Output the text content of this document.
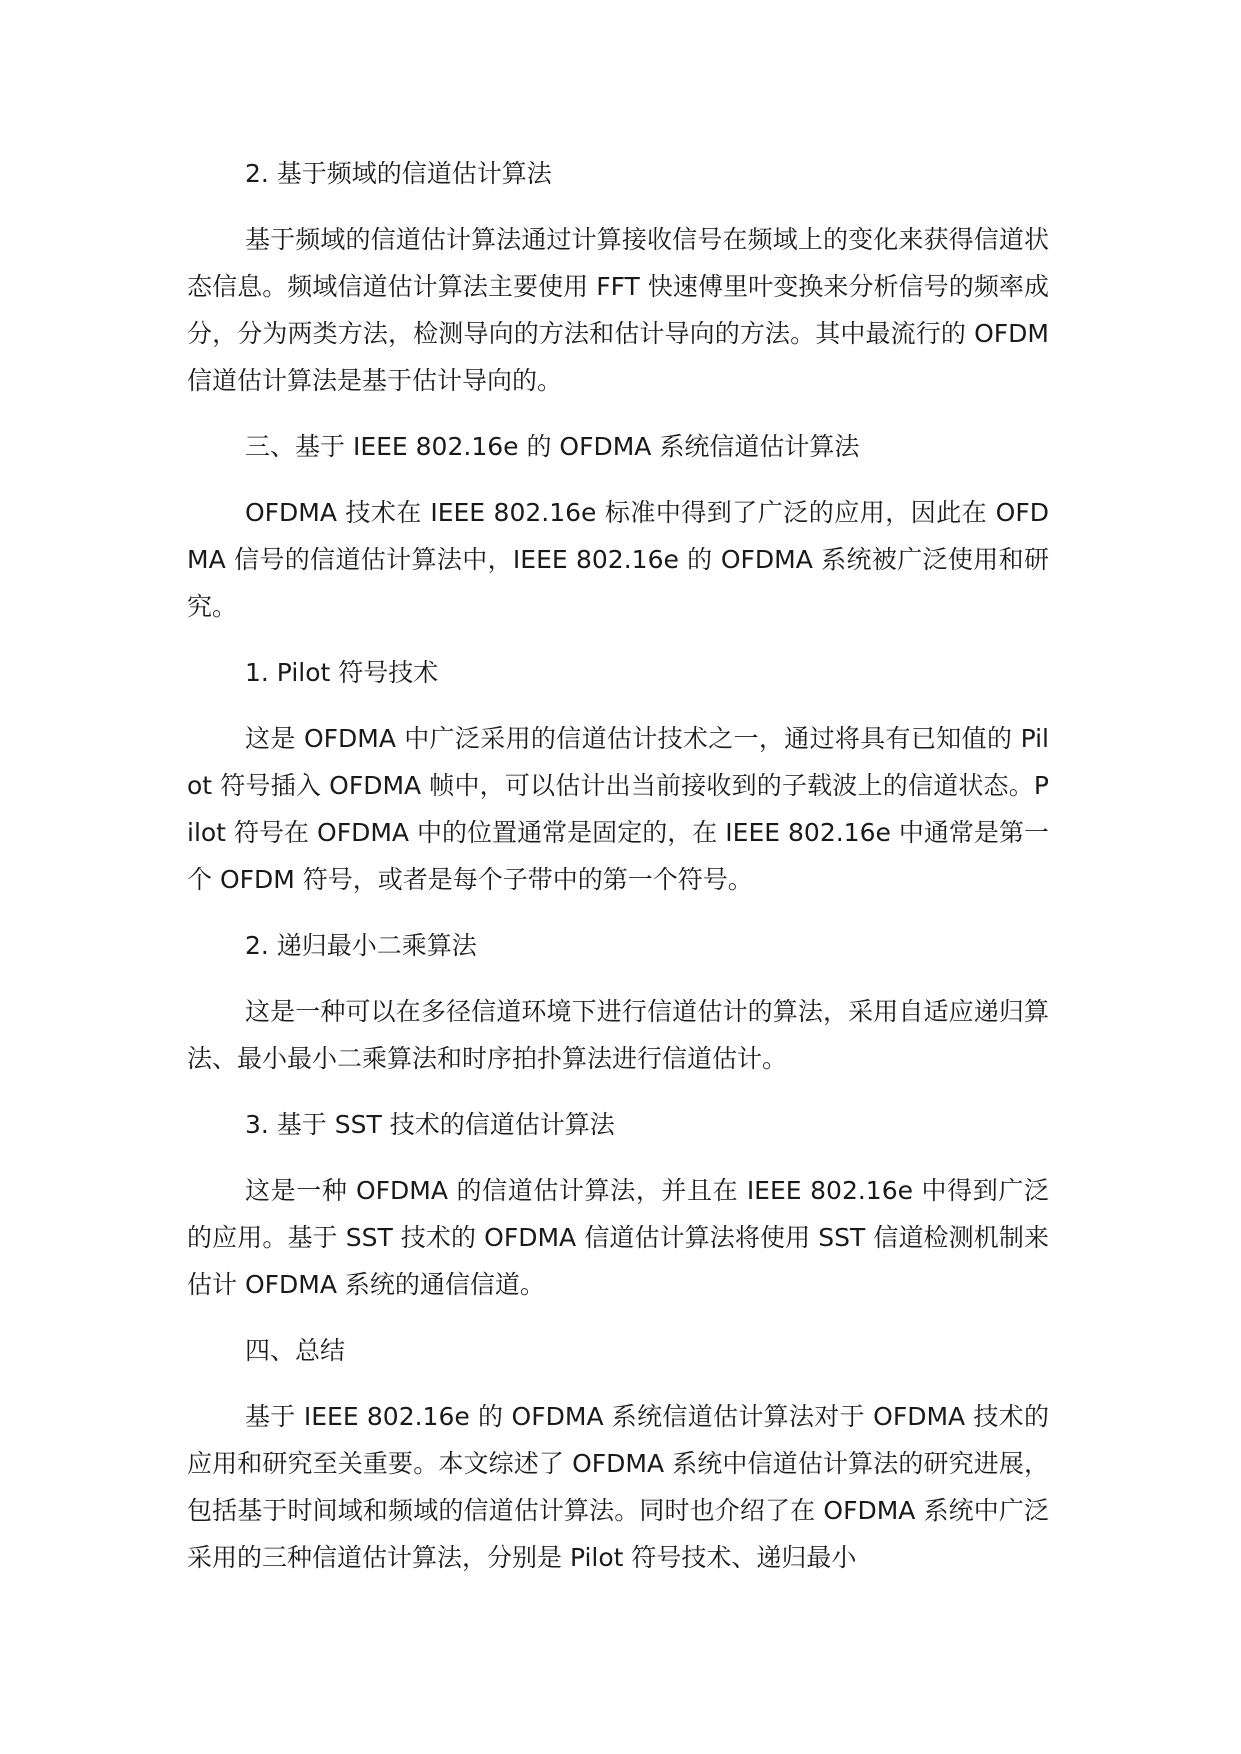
2. 基于频域的信道估计算法

基于频域的信道估计算法通过计算接收信号在频域上的变化来获得信道状态信息。频域信道估计算法主要使用 FFT 快速傅里叶变换来分析信号的频率成分，分为两类方法，检测导向的方法和估计导向的方法。其中最流行的 OFDM 信道估计算法是基于估计导向的。

三、基于 IEEE 802.16e 的 OFDMA 系统信道估计算法

OFDMA 技术在 IEEE 802.16e 标准中得到了广泛的应用，因此在 OFDMA 信号的信道估计算法中，IEEE 802.16e 的 OFDMA 系统被广泛使用和研究。

1. Pilot 符号技术

这是 OFDMA 中广泛采用的信道估计技术之一，通过将具有已知值的 Pilot 符号插入 OFDMA 帧中，可以估计出当前接收到的子载波上的信道状态。Pilot 符号在 OFDMA 中的位置通常是固定的，在 IEEE 802.16e 中通常是第一个 OFDM 符号，或者是每个子带中的第一个符号。

2. 递归最小二乘算法

这是一种可以在多径信道环境下进行信道估计的算法，采用自适应递归算法、最小最小二乘算法和时序拍扑算法进行信道估计。

3. 基于 SST 技术的信道估计算法

这是一种 OFDMA 的信道估计算法，并且在 IEEE 802.16e 中得到广泛的应用。基于 SST 技术的 OFDMA 信道估计算法将使用 SST 信道检测机制来估计 OFDMA 系统的通信信道。

四、总结

基于 IEEE 802.16e 的 OFDMA 系统信道估计算法对于 OFDMA 技术的应用和研究至关重要。本文综述了 OFDMA 系统中信道估计算法的研究进展，包括基于时间域和频域的信道估计算法。同时也介绍了在 OFDMA 系统中广泛采用的三种信道估计算法，分别是 Pilot 符号技术、递归最小
